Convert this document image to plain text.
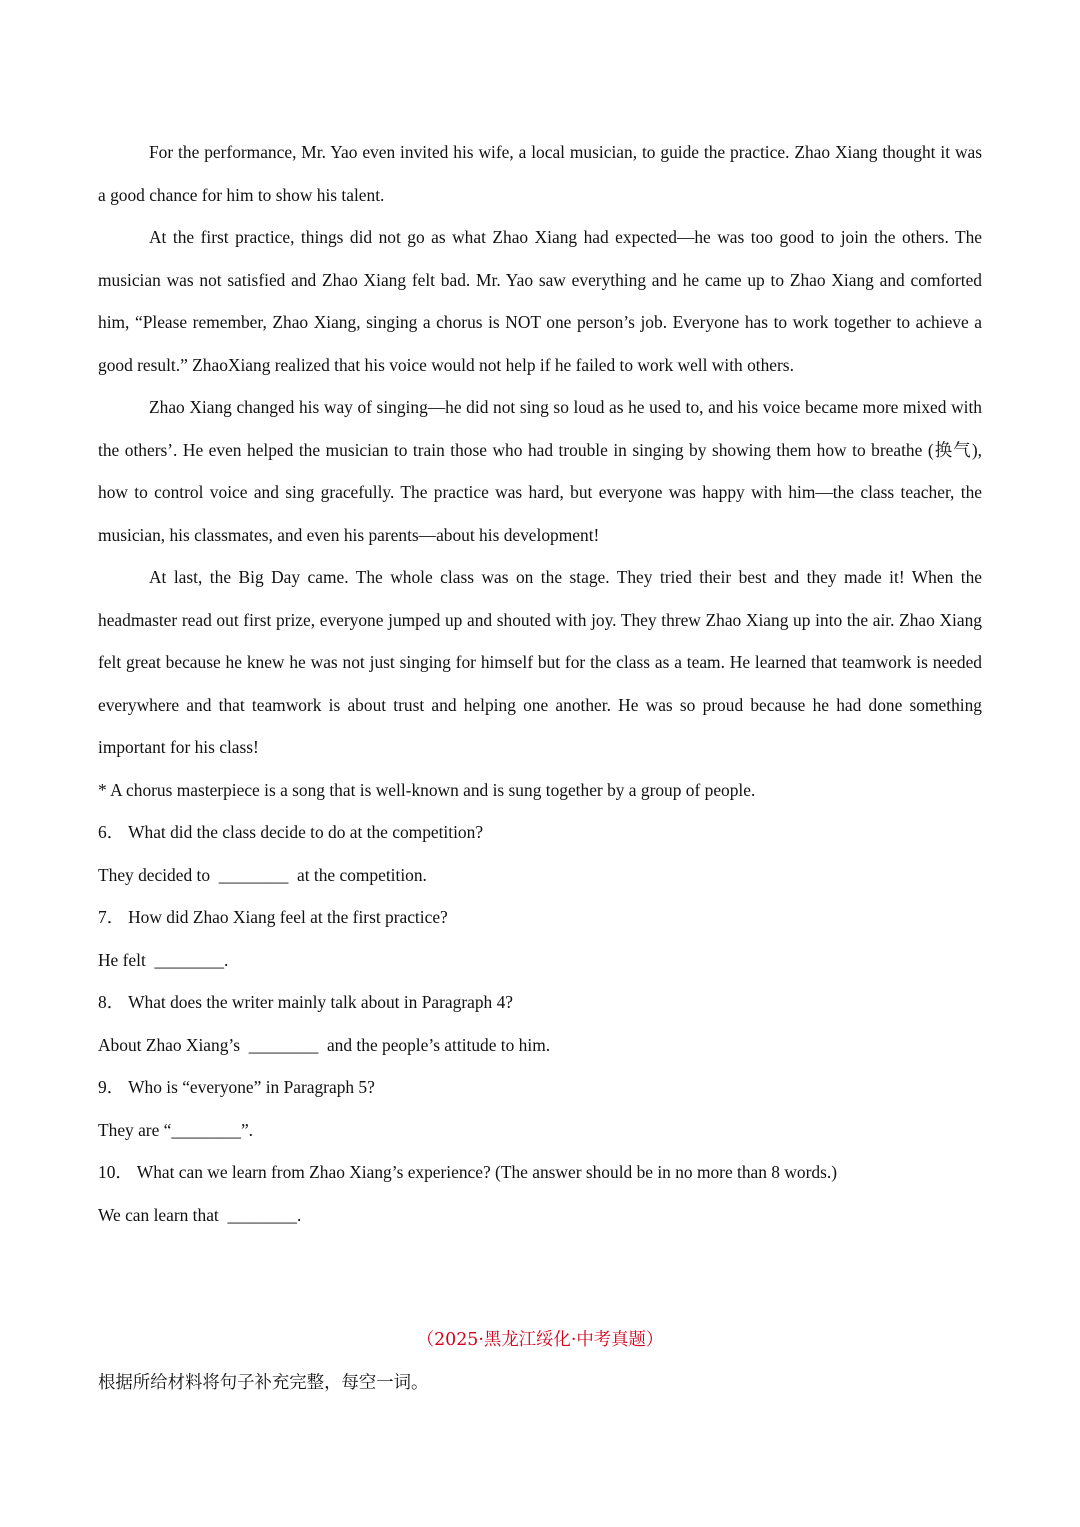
For the performance, Mr. Yao even invited his wife, a local musician, to guide the practice. Zhao Xiang thought it was a good chance for him to show his talent.

At the first practice, things did not go as what Zhao Xiang had expected—he was too good to join the others. The musician was not satisfied and Zhao Xiang felt bad. Mr. Yao saw everything and he came up to Zhao Xiang and comforted him, “Please remember, Zhao Xiang, singing a chorus is NOT one person’s job. Everyone has to work together to achieve a good result.” ZhaoXiang realized that his voice would not help if he failed to work well with others.

Zhao Xiang changed his way of singing—he did not sing so loud as he used to, and his voice became more mixed with the others’. He even helped the musician to train those who had trouble in singing by showing them how to breathe (换气), how to control voice and sing gracefully. The practice was hard, but everyone was happy with him—the class teacher, the musician, his classmates, and even his parents—about his development!

At last, the Big Day came. The whole class was on the stage. They tried their best and they made it! When the headmaster read out first prize, everyone jumped up and shouted with joy. They threw Zhao Xiang up into the air. Zhao Xiang felt great because he knew he was not just singing for himself but for the class as a team. He learned that teamwork is needed everywhere and that teamwork is about trust and helping one another. He was so proud because he had done something important for his class!

* A chorus masterpiece is a song that is well-known and is sung together by a group of people.

6． What did the class decide to do at the competition?

They decided to  ________  at the competition.

7． How did Zhao Xiang feel at the first practice?

He felt  ________.

8． What does the writer mainly talk about in Paragraph 4?

About Zhao Xiang’s  ________  and the people’s attitude to him.

9． Who is “everyone” in Paragraph 5?

They are “________”.

10． What can we learn from Zhao Xiang’s experience? (The answer should be in no more than 8 words.)

We can learn that  ________.

（2025·黑龙江绥化·中考真题）
根据所给材料将句子补充完整，每空一词。
